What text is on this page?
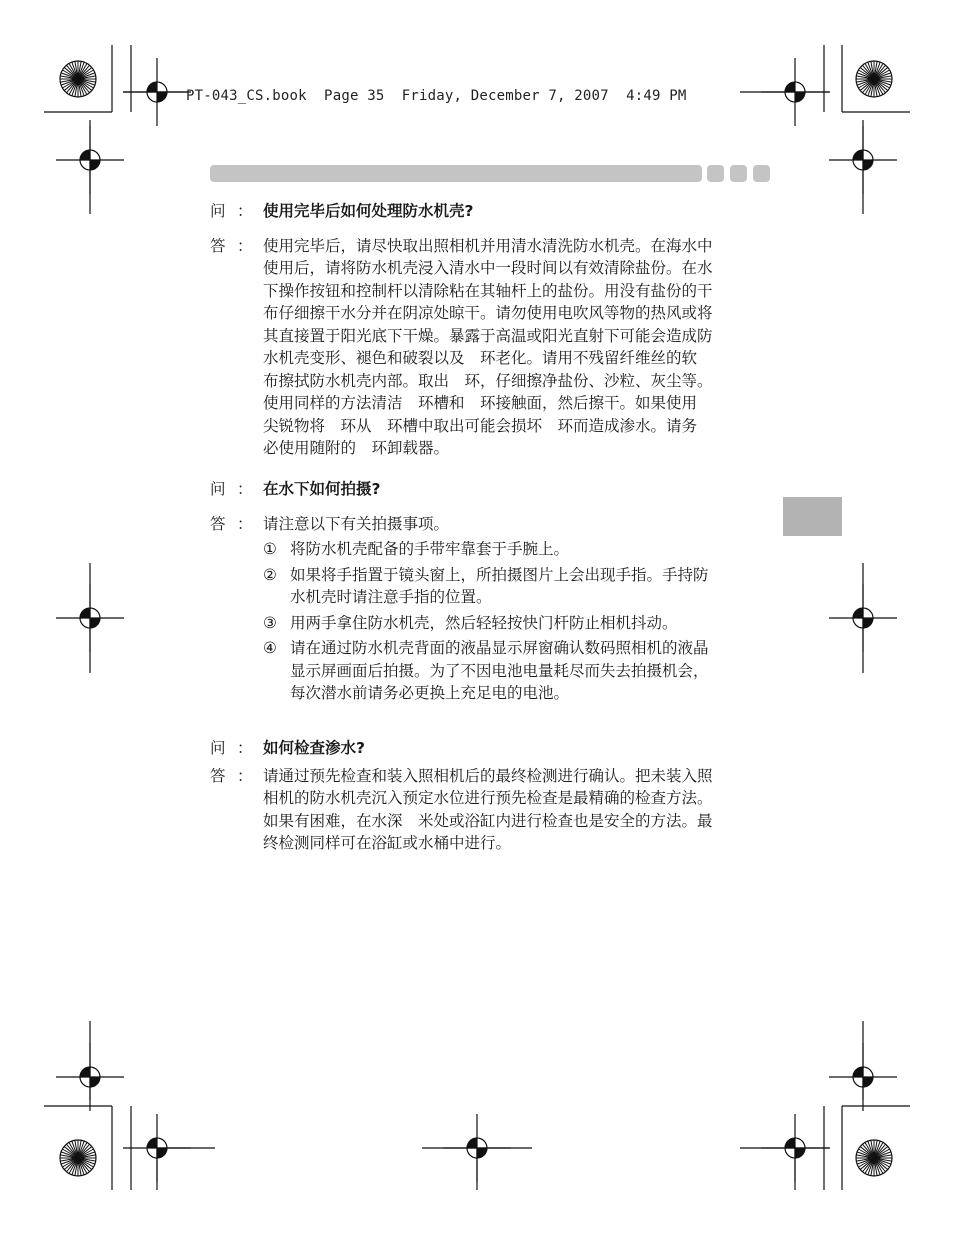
PT-043_CS.book  Page 35  Friday, December 7, 2007  4:49 PM
问 ： 使用完毕后如何处理防水机壳?
答 ： 使用完毕后，请尽快取出照相机并用清水清洗防水机壳。在海水中
使用后，请将防水机壳浸入清水中一段时间以有效清除盐份。在水
下操作按钮和控制杆以清除粘在其轴杆上的盐份。用没有盐份的干
布仔细擦干水分并在阴凉处晾干。请勿使用电吹风等物的热风或将
其直接置于阳光底下干燥。暴露于高温或阳光直射下可能会造成防
水机壳变形、褪色和破裂以及　环老化。请用不残留纤维丝的软
布擦拭防水机壳内部。取出　环，仔细擦净盐份、沙粒、灰尘等。
使用同样的方法清洁　环槽和　环接触面，然后擦干。如果使用
尖锐物将　环从　环槽中取出可能会损坏　环而造成渗水。请务
必使用随附的　环卸载器。
问 ： 在水下如何拍摄?
答 ： 请注意以下有关拍摄事项。
① 将防水机壳配备的手带牢靠套于手腕上。
② 如果将手指置于镜头窗上，所拍摄图片上会出现手指。手持防
水机壳时请注意手指的位置。
③ 用两手拿住防水机壳，然后轻轻按快门杆防止相机抖动。
④ 请在通过防水机壳背面的液晶显示屏窗确认数码照相机的液晶
显示屏画面后拍摄。为了不因电池电量耗尽而失去拍摄机会，
每次潜水前请务必更换上充足电的电池。
问 ： 如何检查渗水?
答 ： 请通过预先检查和装入照相机后的最终检测进行确认。把未装入照
相机的防水机壳沉入预定水位进行预先检查是最精确的检查方法。
如果有困难，在水深　米处或浴缸内进行检查也是安全的方法。最
终检测同样可在浴缸或水桶中进行。
